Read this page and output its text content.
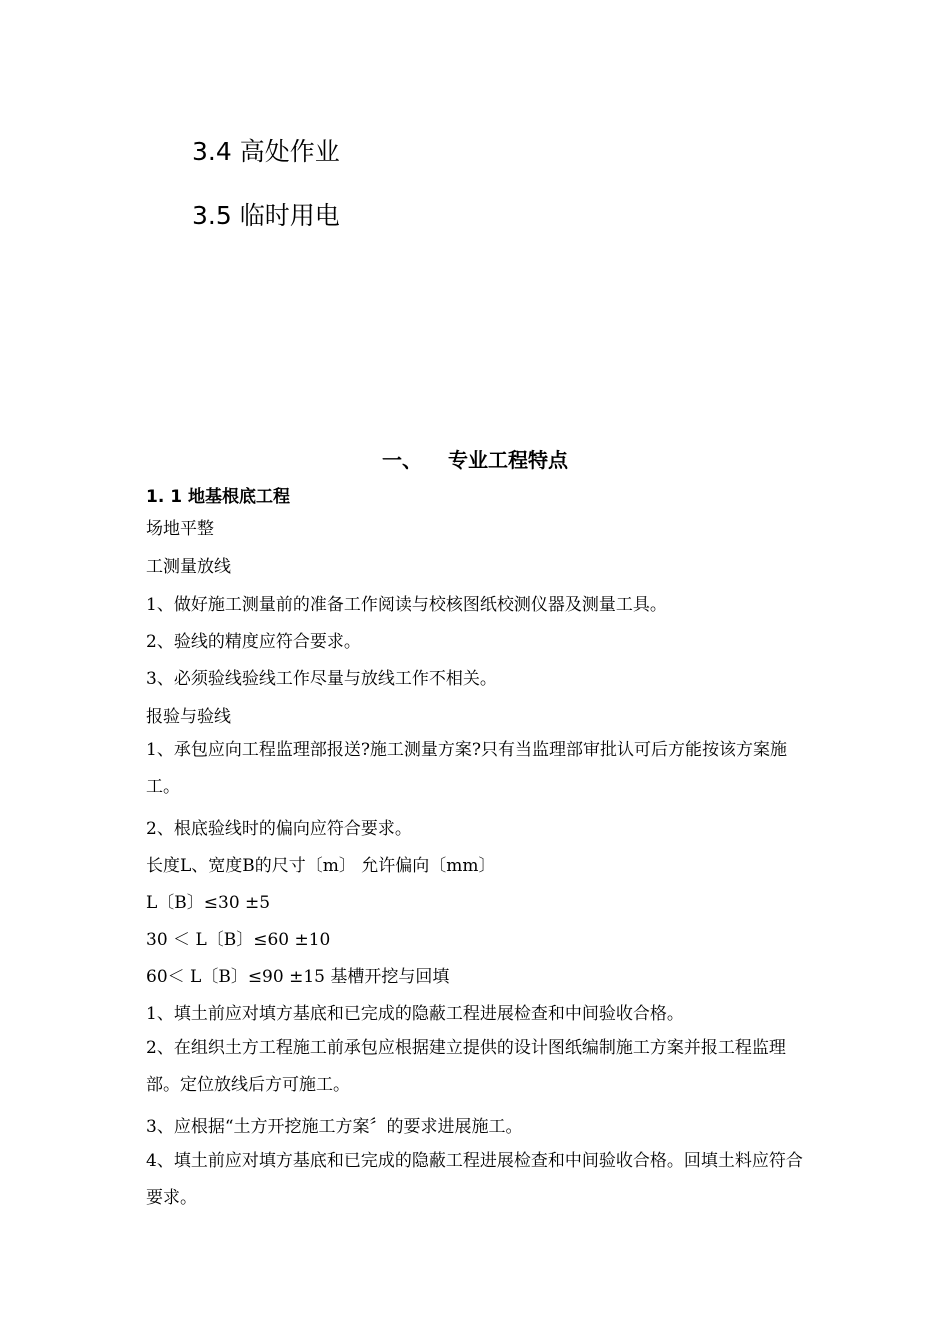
3.4 高处作业
3.5 临时用电
一、 专业工程特点
1. 1 地基根底工程
场地平整
工测量放线
1、做好施工测量前的准备工作阅读与校核图纸校测仪器及测量工具。
2、验线的精度应符合要求。
3、必须验线验线工作尽量与放线工作不相关。
报验与验线
1、承包应向工程监理部报送?施工测量方案?只有当监理部审批认可后方能按该方案施工。
2、根底验线时的偏向应符合要求。
长度L、宽度B的尺寸〔m〕 允许偏向〔mm〕
L〔B〕≤30 ±5
30 ＜ L〔B〕≤60 ±10
60＜ L〔B〕≤90 ±15 基槽开挖与回填
1、填土前应对填方基底和已完成的隐蔽工程进展检查和中间验收合格。
2、在组织土方工程施工前承包应根据建立提供的设计图纸编制施工方案并报工程监理部。定位放线后方可施工。
3、应根据“土方开挖施工方案〞的要求进展施工。
4、填土前应对填方基底和已完成的隐蔽工程进展检查和中间验收合格。回填土料应符合要求。
